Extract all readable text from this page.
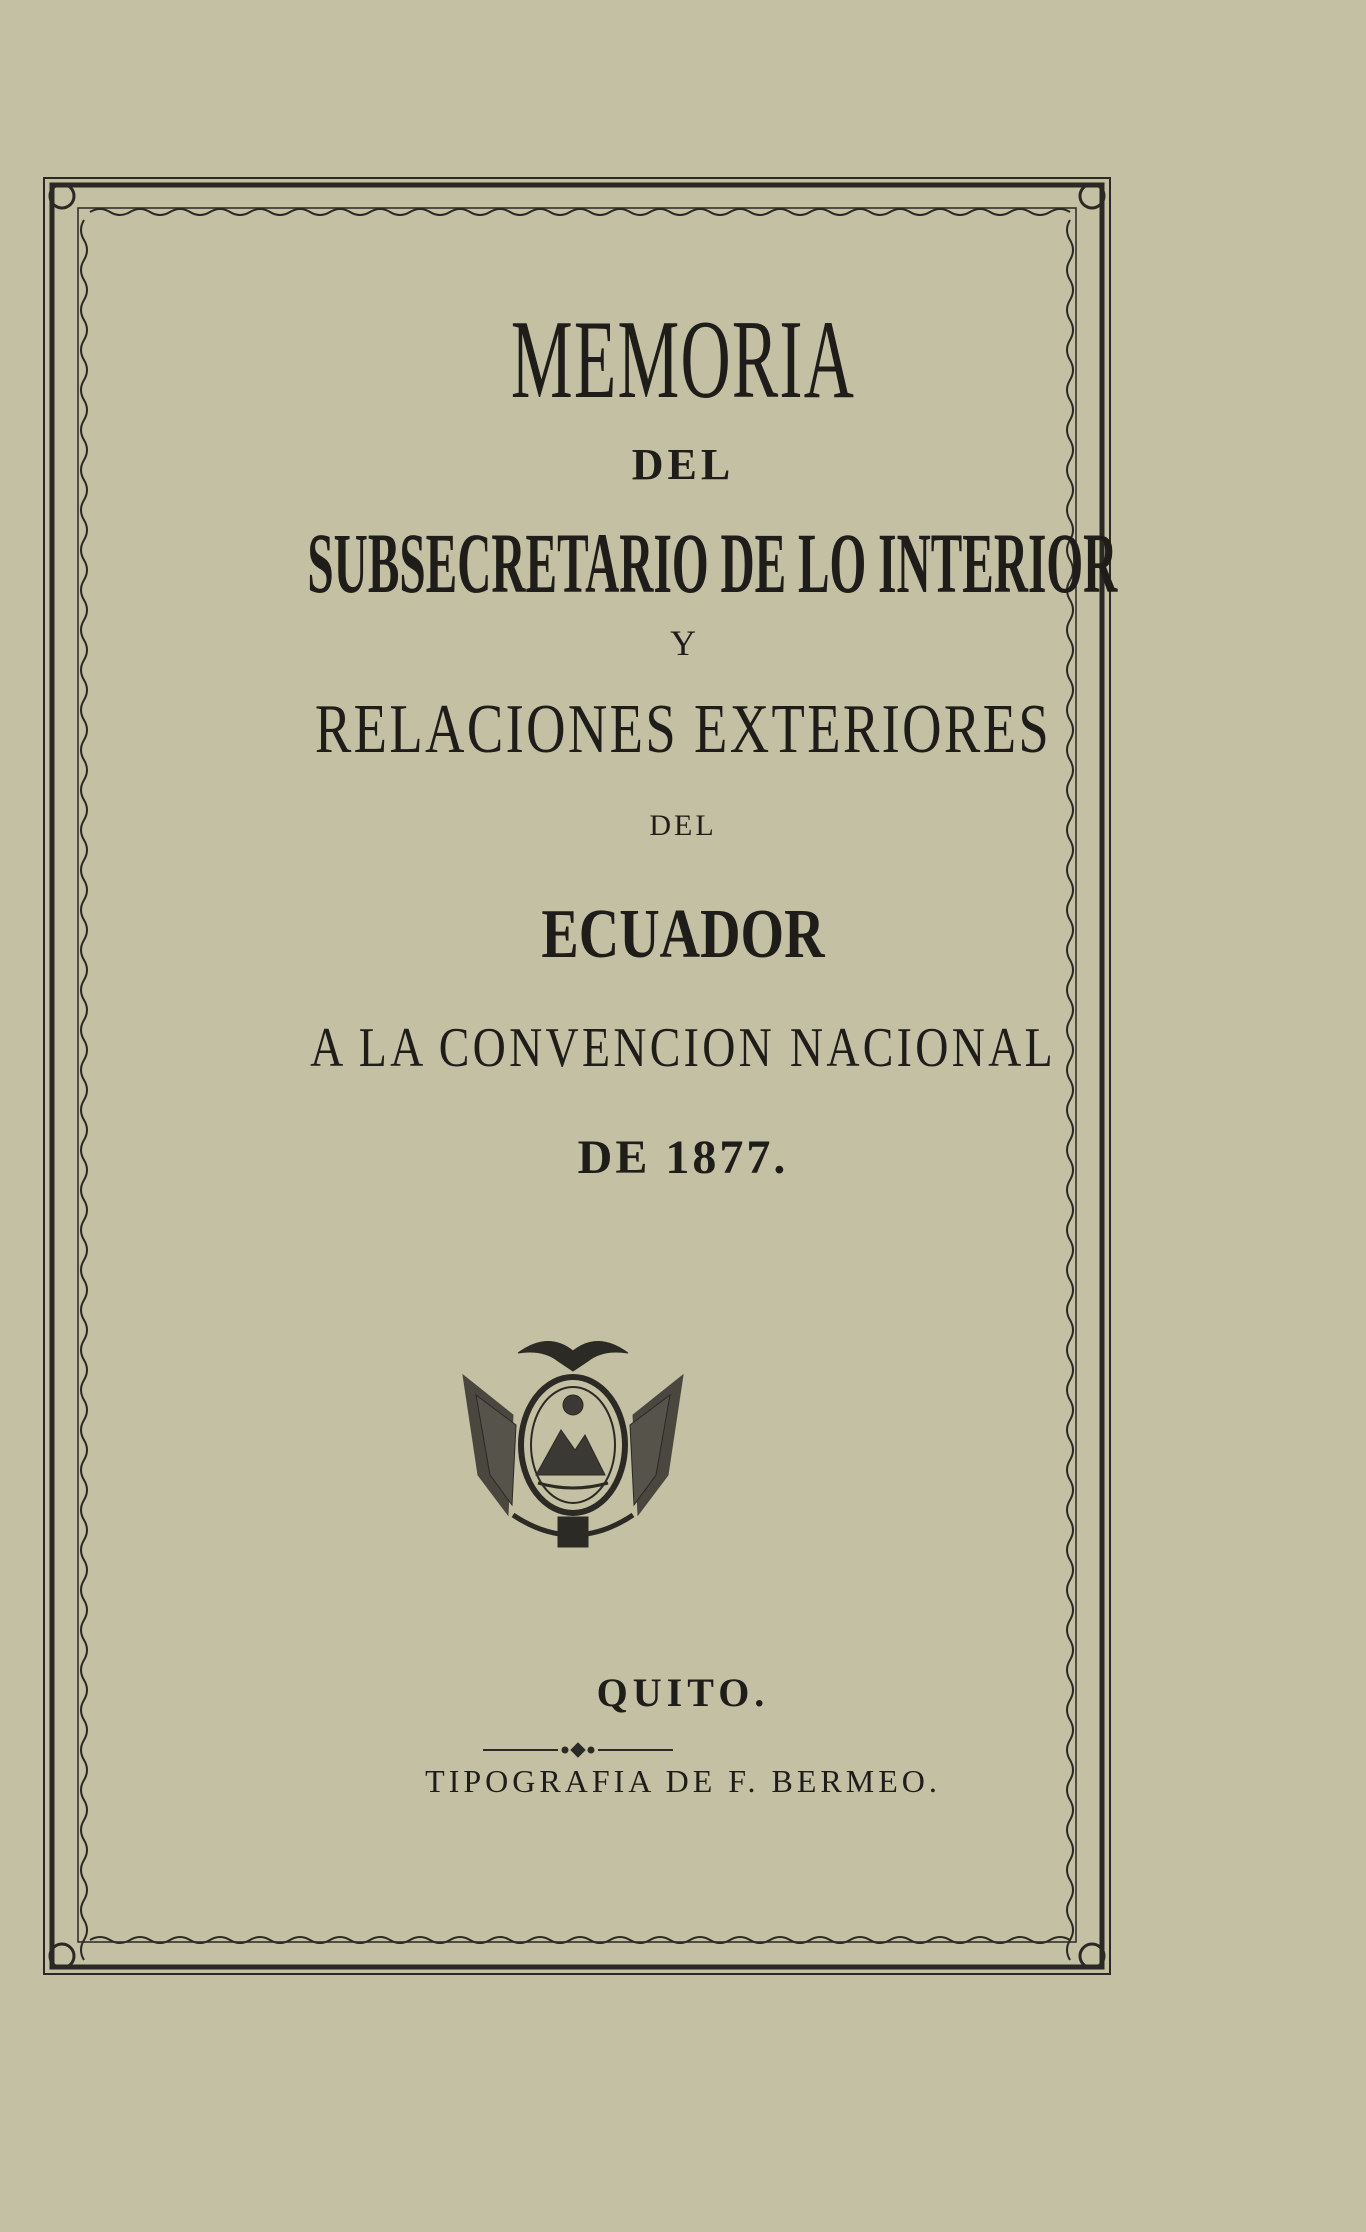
MEMORIA
DEL
SUBSECRETARIO DE LO INTERIOR
Y
RELACIONES EXTERIORES
DEL
ECUADOR
A LA CONVENCION NACIONAL
DE 1877.
QUITO.
TIPOGRAFIA DE F. BERMEO.
